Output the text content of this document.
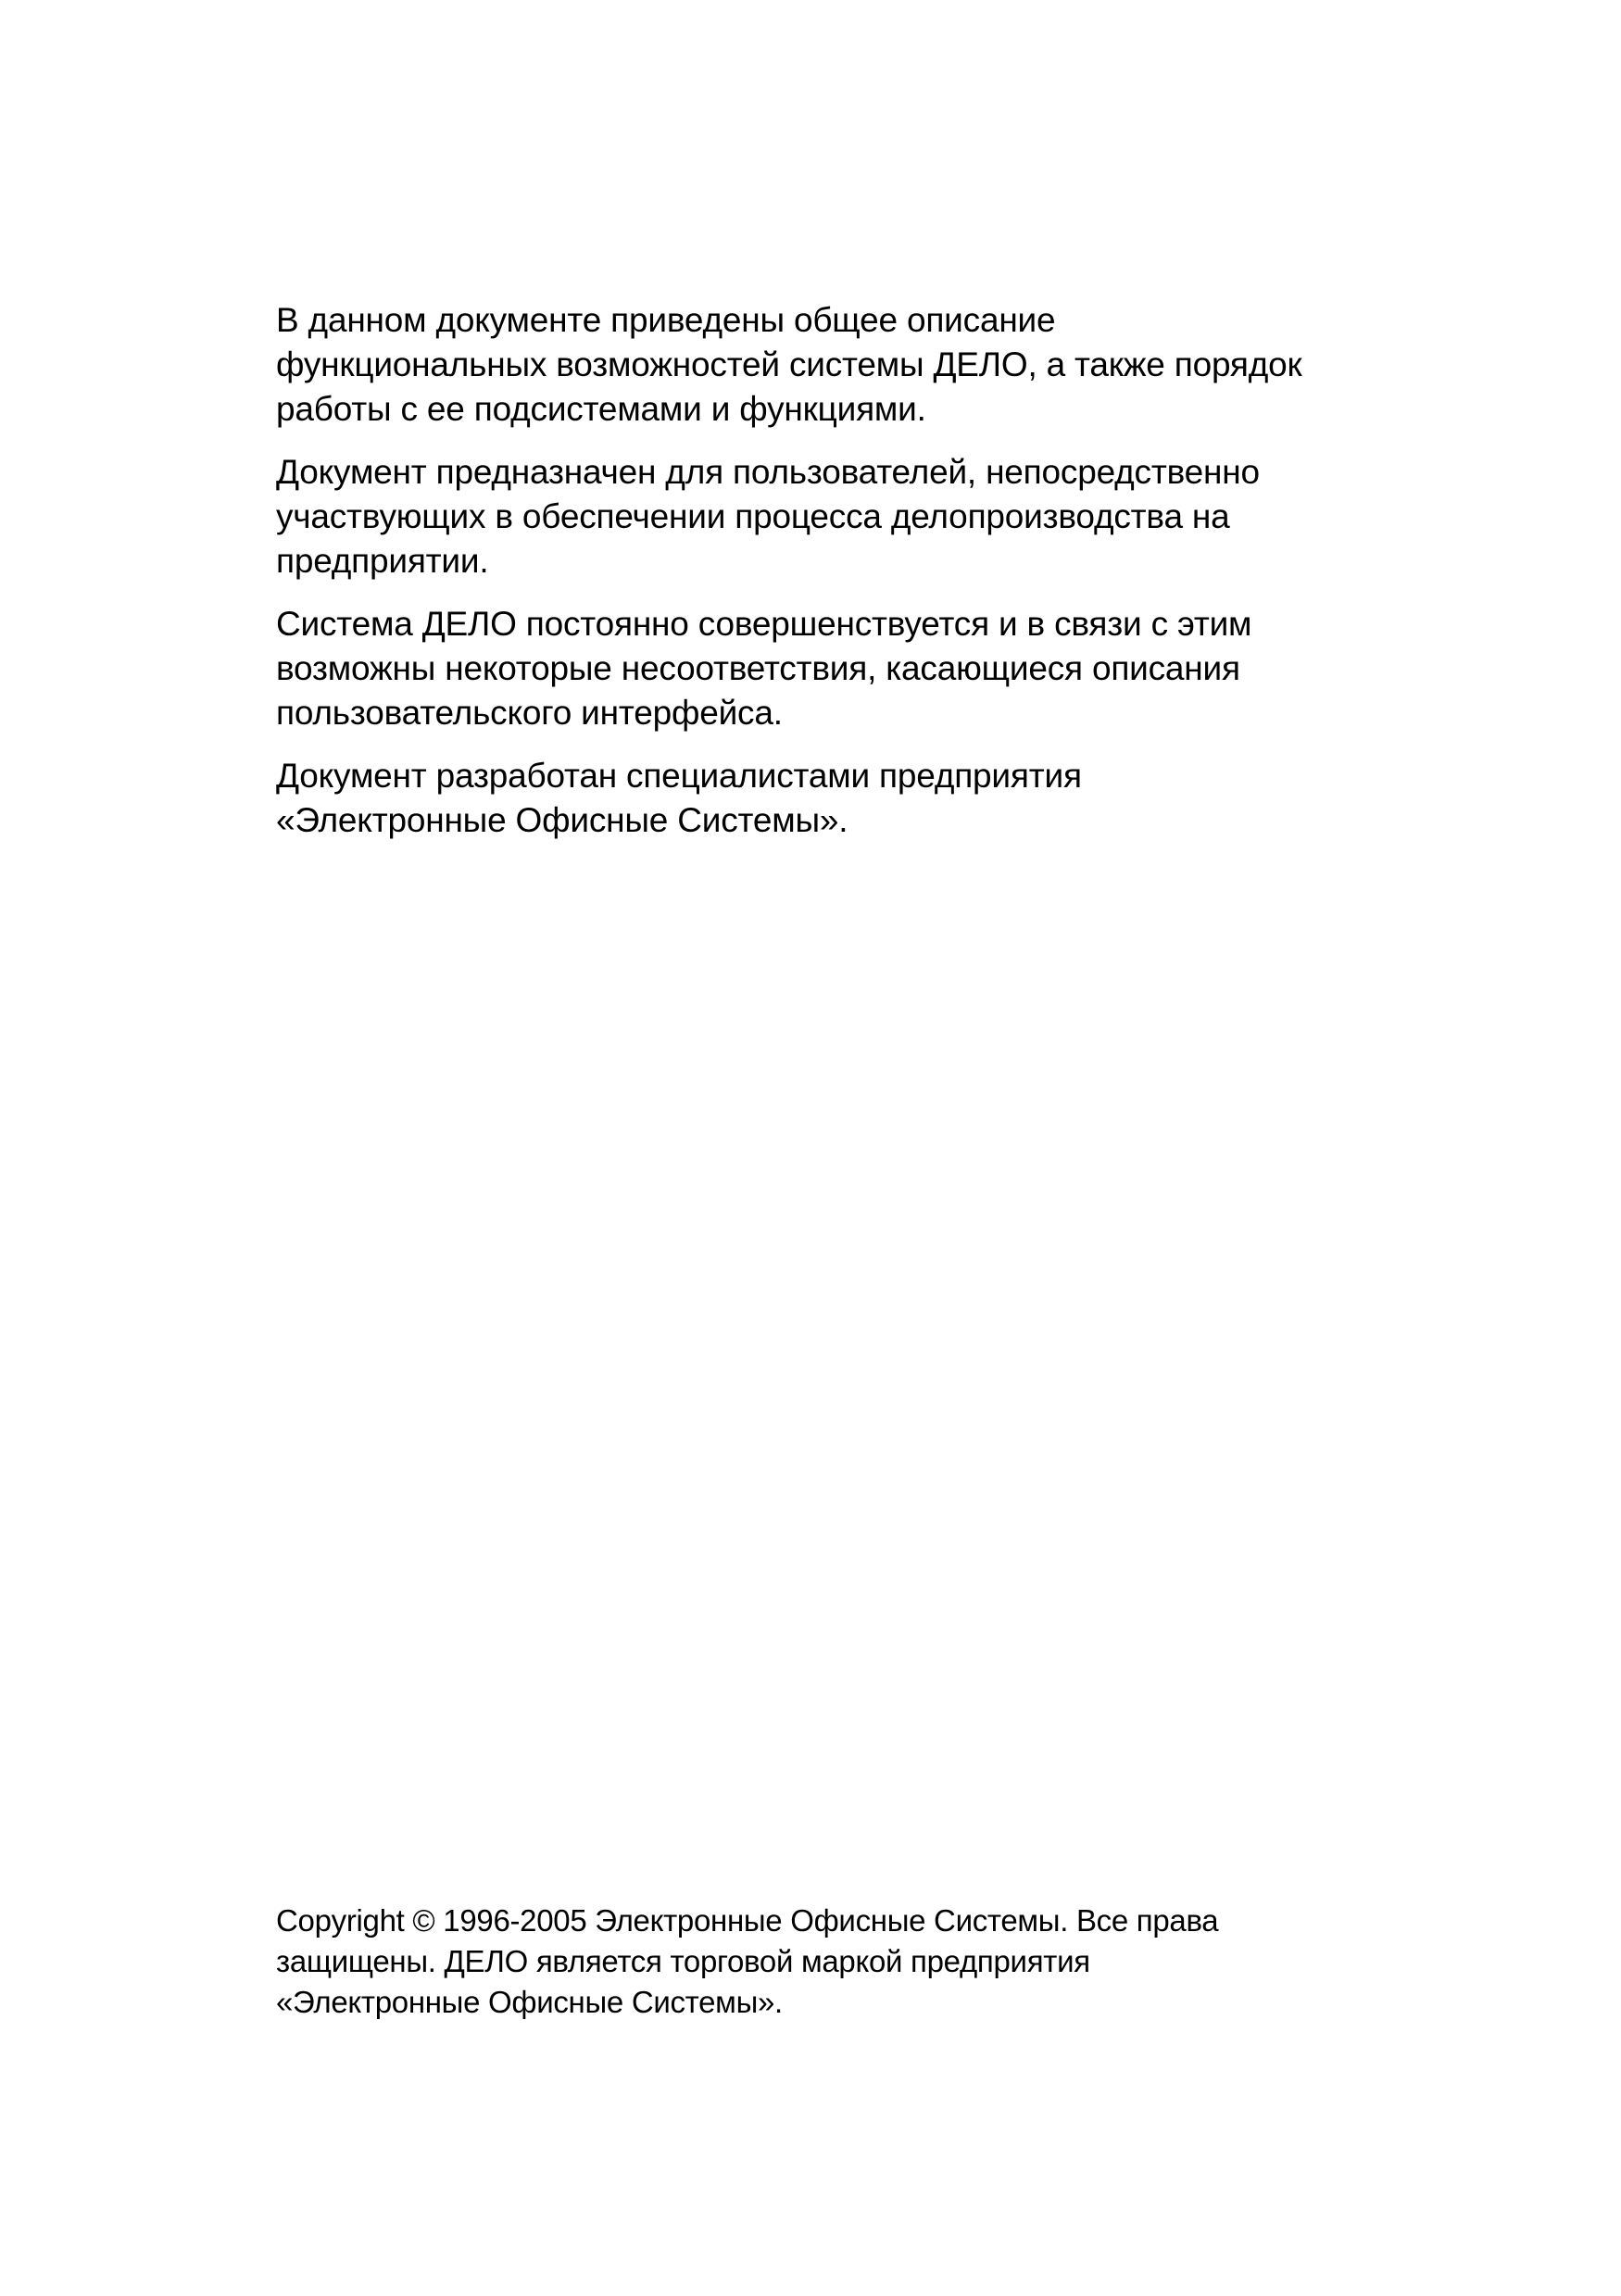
В данном документе приведены общее описание
функциональных возможностей системы ДЕЛО, а также порядок
работы с ее подсистемами и функциями.

Документ предназначен для пользователей, непосредственно
участвующих в обеспечении процесса делопроизводства на
предприятии.

Система ДЕЛО постоянно совершенствуется и в связи с этим
возможны некоторые несоответствия, касающиеся описания
пользовательского интерфейса.

Документ разработан специалистами предприятия
«Электронные Офисные Системы».

Copyright © 1996-2005 Электронные Офисные Системы. Все права
защищены. ДЕЛО является торговой маркой предприятия
«Электронные Офисные Системы».
